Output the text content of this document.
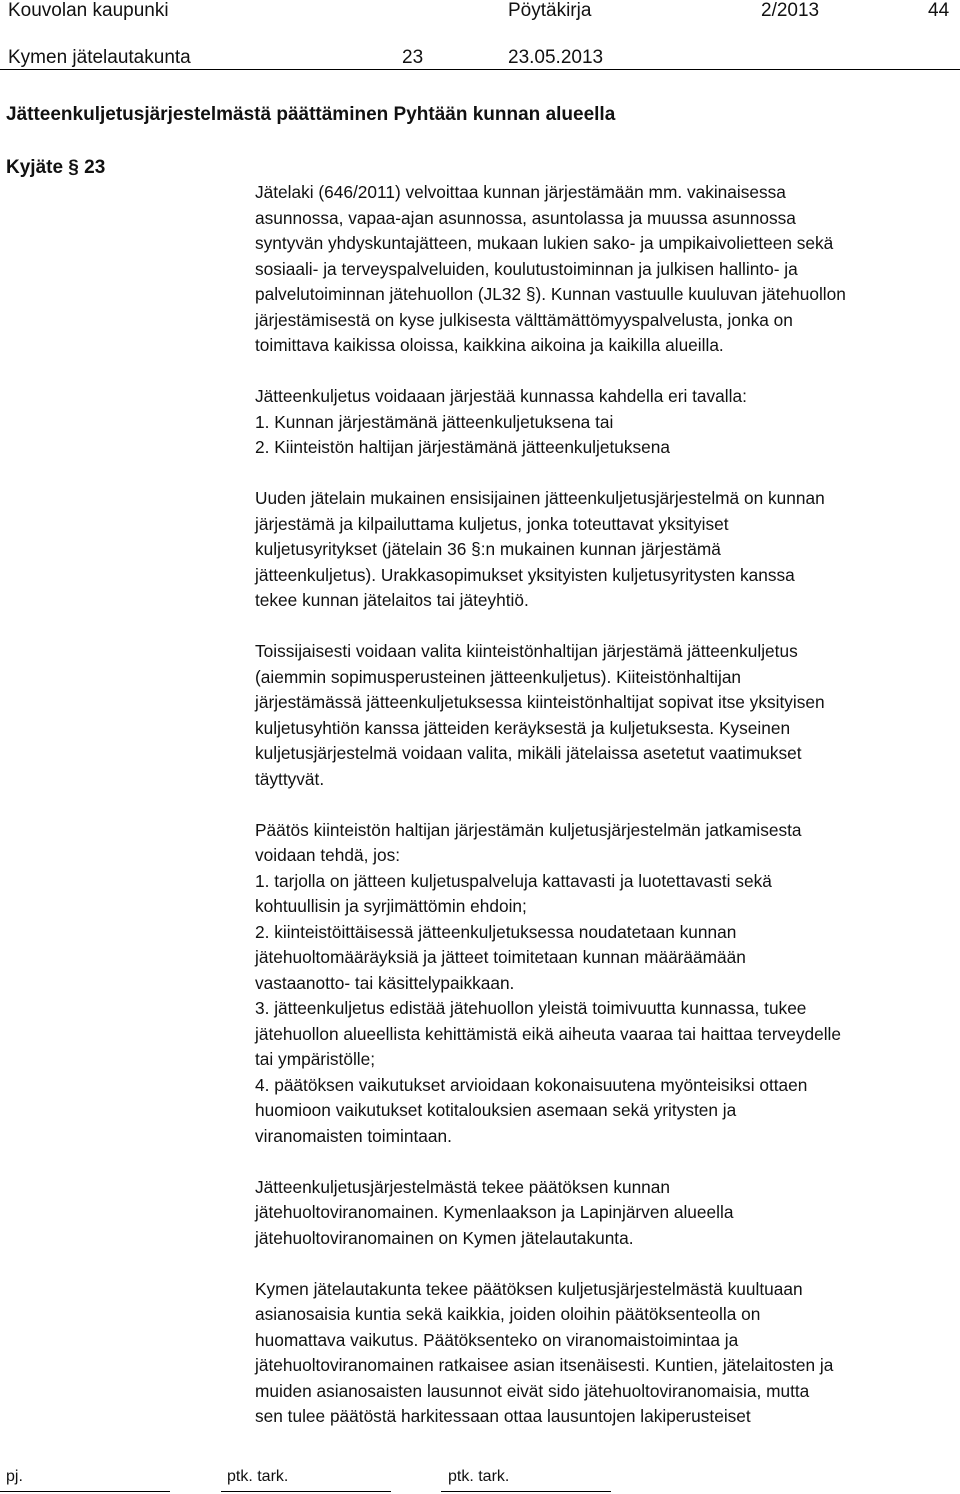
Kouvolan kaupunki	Pöytäkirja	2/2013	44
Kymen jätelautakunta	23	23.05.2013
Jätteenkuljetusjärjestelmästä päättäminen Pyhtään kunnan alueella
Kyjäte § 23

Jätelaki (646/2011) velvoittaa kunnan järjestämään mm. vakinaisessa
asunnossa, vapaa-ajan asunnossa, asuntolassa ja muussa asunnossa
syntyvän yhdyskuntajätteen, mukaan lukien sako- ja umpikaivolietteen sekä
sosiaali- ja terveyspalveluiden, koulutustoiminnan ja julkisen hallinto- ja
palvelutoiminnan jätehuollon (JL32 §). Kunnan vastuulle kuuluvan jätehuollon
järjestämisestä on kyse julkisesta välttämättömyyspalvelusta, jonka on
toimittava kaikissa oloissa, kaikkina aikoina ja kaikilla alueilla.

Jätteenkuljetus voidaaan järjestää kunnassa kahdella eri tavalla:
1. Kunnan järjestämänä jätteenkuljetuksena tai
2. Kiinteistön haltijan järjestämänä jätteenkuljetuksena

Uuden jätelain mukainen ensisijainen jätteenkuljetusjärjestelmä on kunnan
järjestämä ja kilpailuttama kuljetus, jonka toteuttavat yksityiset
kuljetusyritykset (jätelain 36 §:n mukainen kunnan järjestämä
jätteenkuljetus). Urakkasopimukset yksityisten kuljetusyritysten kanssa
tekee kunnan jätelaitos tai jäteyhtiö.

Toissijaisesti voidaan valita kiinteistönhaltijan järjestämä jätteenkuljetus
(aiemmin sopimusperusteinen jätteenkuljetus). Kiiteistönhaltijan
järjestämässä jätteenkuljetuksessa kiinteistönhaltijat sopivat itse yksityisen
kuljetusyhtiön kanssa jätteiden keräyksestä ja kuljetuksesta. Kyseinen
kuljetusjärjestelmä voidaan valita, mikäli jätelaissa asetetut vaatimukset
täyttyvät.

Päätös kiinteistön haltijan järjestämän kuljetusjärjestelmän jatkamisesta
voidaan tehdä, jos:
1. tarjolla on jätteen kuljetuspalveluja kattavasti ja luotettavasti sekä
kohtuullisin ja syrjimättömin ehdoin;
2. kiinteistöittäisessä jätteenkuljetuksessa noudatetaan kunnan
jätehuoltomääräyksiä ja jätteet toimitetaan kunnan määräämään
vastaanotto- tai käsittelypaikkaan.
3. jätteenkuljetus edistää jätehuollon yleistä toimivuutta kunnassa, tukee
jätehuollon alueellista kehittämistä eikä aiheuta vaaraa tai haittaa terveydelle
tai ympäristölle;
4. päätöksen vaikutukset arvioidaan kokonaisuutena myönteisiksi ottaen
huomioon vaikutukset kotitalouksien asemaan sekä yritysten ja
viranomaisten toimintaan.

Jätteenkuljetusjärjestelmästä tekee päätöksen kunnan
jätehuoltoviranomainen. Kymenlaakson ja Lapinjärven alueella
jätehuoltoviranomainen on Kymen jätelautakunta.

Kymen jätelautakunta tekee päätöksen kuljetusjärjestelmästä kuultuaan
asianosaisia kuntia sekä kaikkia, joiden oloihin päätöksenteolla on
huomattava vaikutus. Päätöksenteko on viranomaistoimintaa ja
jätehuoltoviranomainen ratkaisee asian itsenäisesti. Kuntien, jätelaitosten ja
muiden asianosaisten lausunnot eivät sido jätehuoltoviranomaisia, mutta
sen tulee päätöstä harkitessaan ottaa lausuntojen lakiperusteiset

pj.	ptk. tark.	ptk. tark.
